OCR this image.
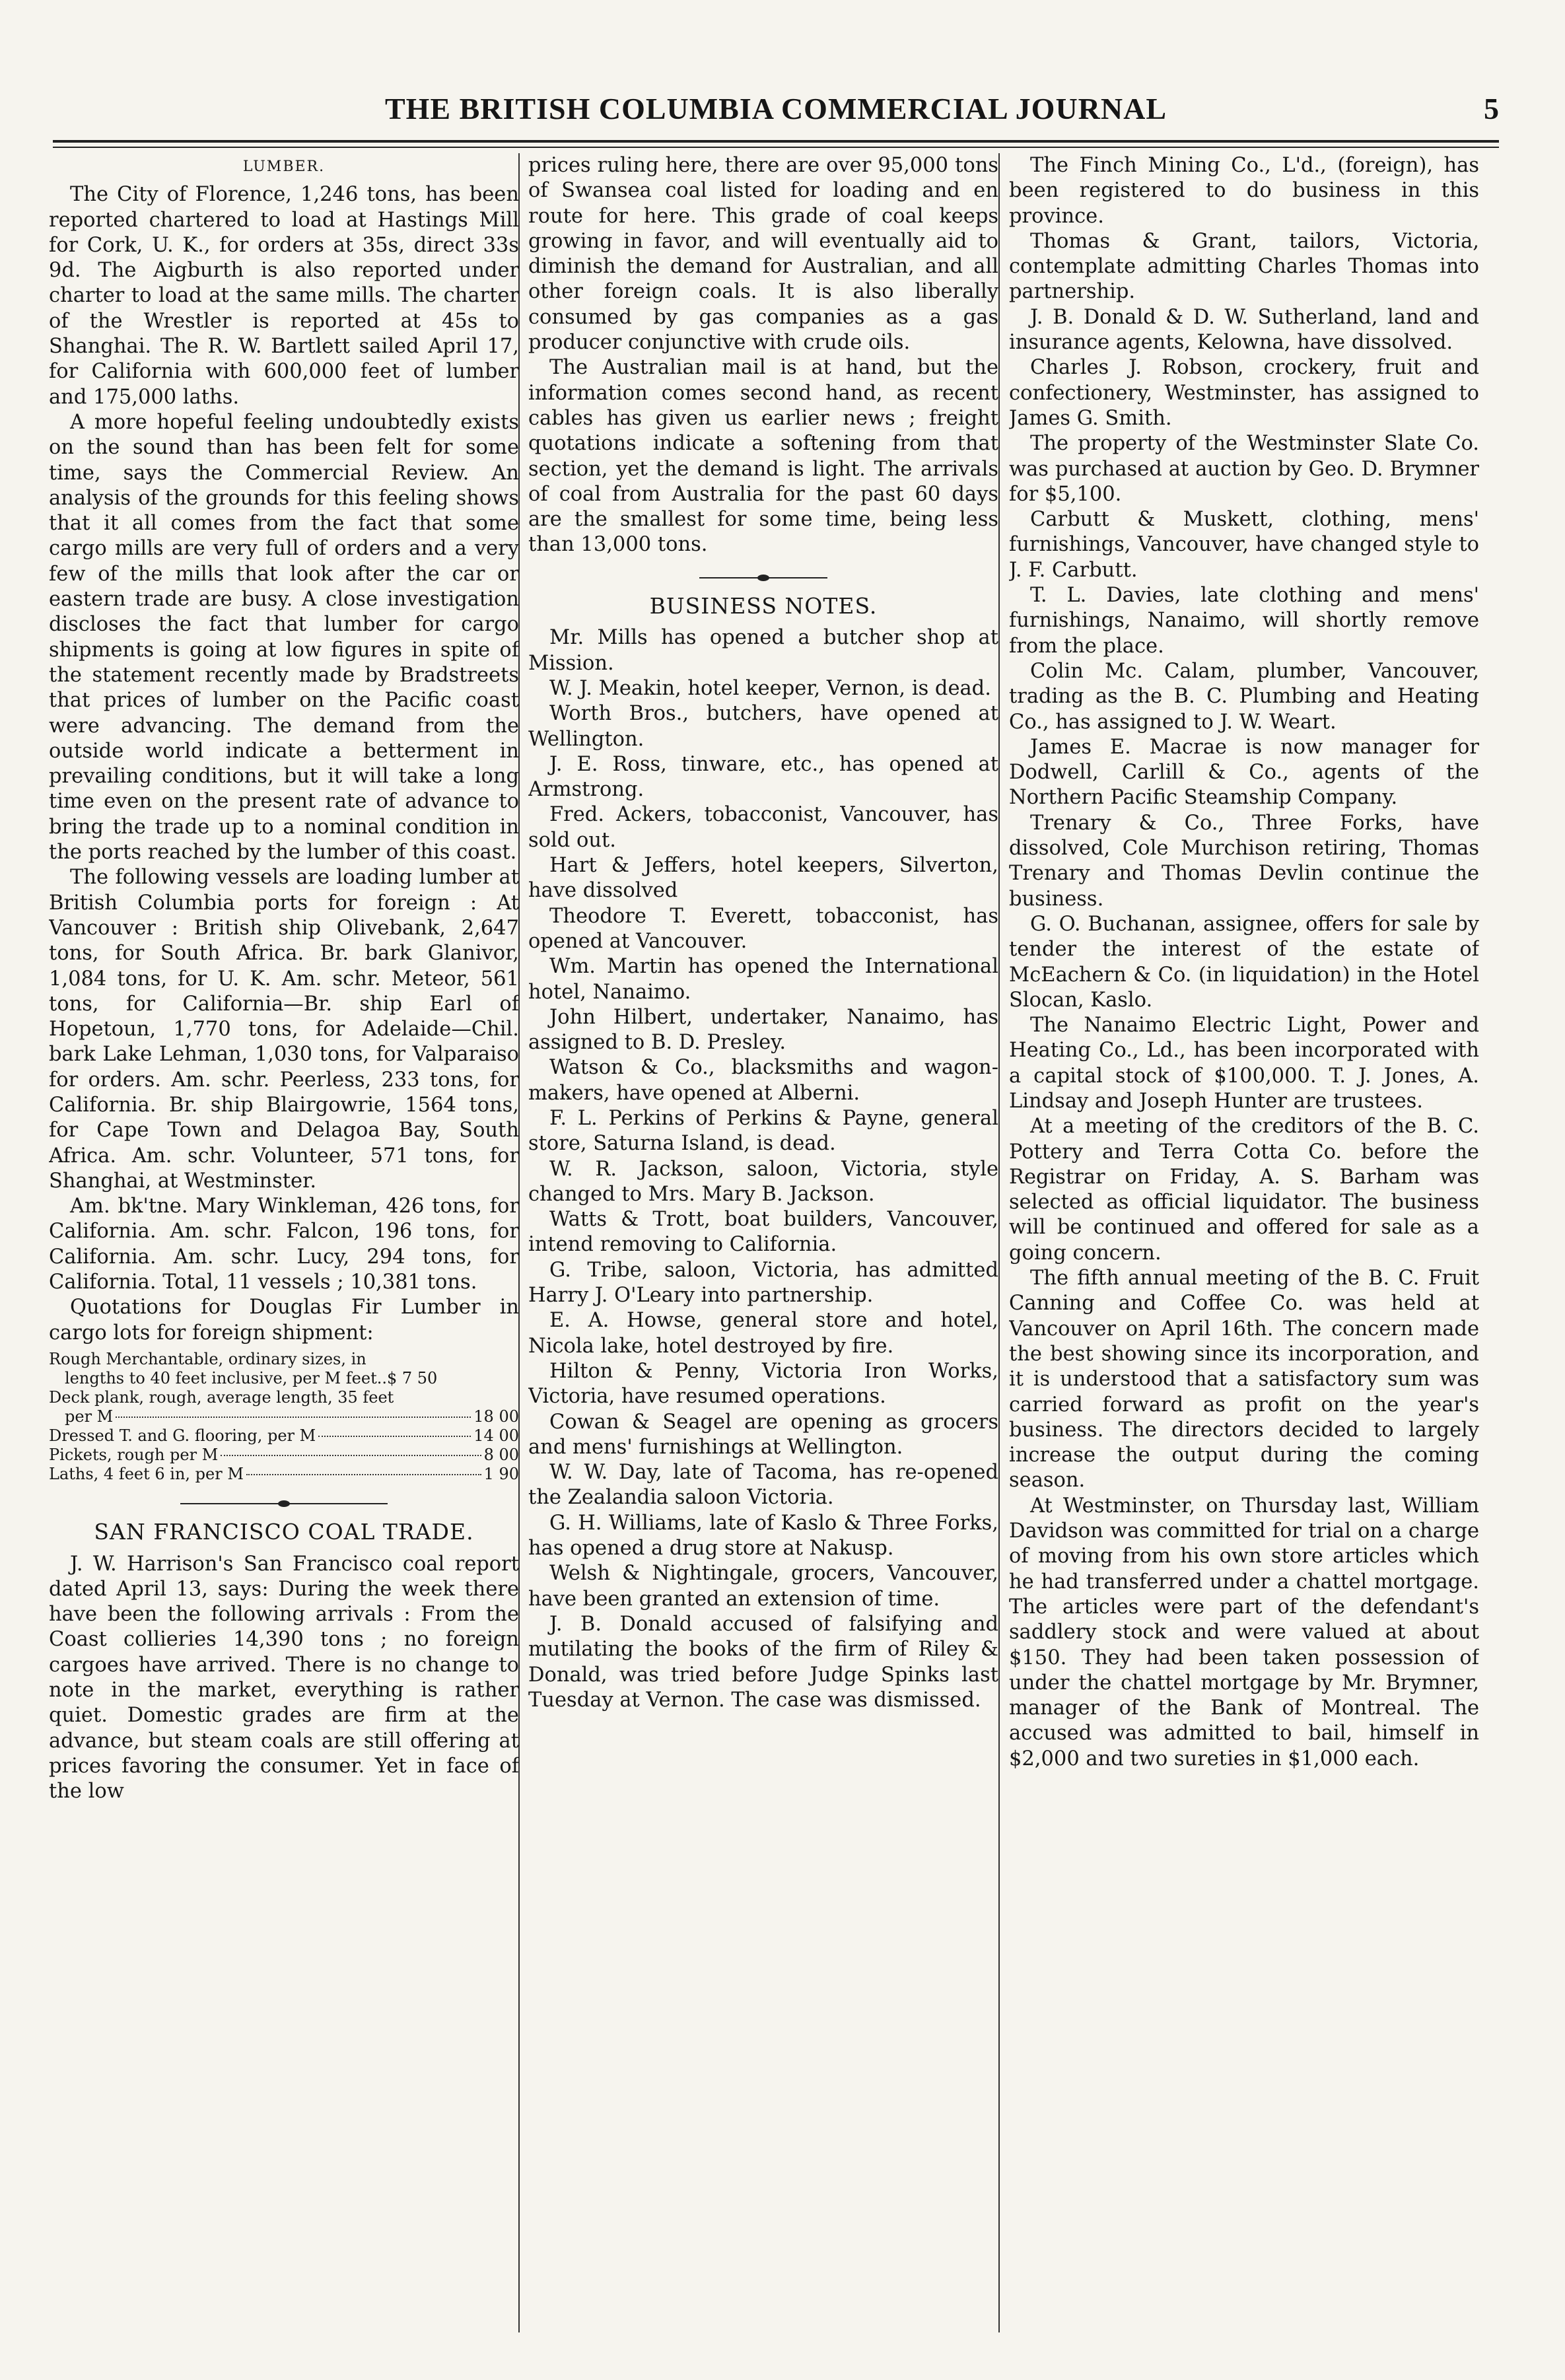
THE BRITISH COLUMBIA COMMERCIAL JOURNAL	5
LUMBER.

The City of Florence, 1,246 tons, has been reported chartered to load at Hastings Mill for Cork, U. K., for orders at 35s, direct 33s 9d. The Aigburth is also reported under charter to load at the same mills. The charter of the Wrestler is reported at 45s to Shanghai. The R. W. Bartlett sailed April 17, for California with 600,000 feet of lumber and 175,000 laths.

A more hopeful feeling undoubtedly exists on the sound than has been felt for some time, says the Commercial Review. An analysis of the grounds for this feeling shows that it all comes from the fact that some cargo mills are very full of orders and a very few of the mills that look after the car or eastern trade are busy. A close investigation discloses the fact that lumber for cargo shipments is going at low figures in spite of the statement recently made by Bradstreets that prices of lumber on the Pacific coast were advancing. The demand from the outside world indicate a betterment in prevailing conditions, but it will take a long time even on the present rate of advance to bring the trade up to a nominal condition in the ports reached by the lumber of this coast.

The following vessels are loading lumber at British Columbia ports for foreign : At Vancouver : British ship Olivebank, 2,647 tons, for South Africa. Br. bark Glanivor, 1,084 tons, for U. K. Am. schr. Meteor, 561 tons, for California—Br. ship Earl of Hopetoun, 1,770 tons, for Adelaide—Chil. bark Lake Lehman, 1,030 tons, for Valparaiso for orders. Am. schr. Peerless, 233 tons, for California. Br. ship Blairgowrie, 1564 tons, for Cape Town and Delagoa Bay, South Africa. Am. schr. Volunteer, 571 tons, for Shanghai, at Westminster.

Am. bk'tne. Mary Winkleman, 426 tons, for California. Am. schr. Falcon, 196 tons, for California. Am. schr. Lucy, 294 tons, for California. Total, 11 vessels ; 10,381 tons.

Quotations for Douglas Fir Lumber in cargo lots for foreign shipment:

Rough Merchantable, ordinary sizes, in
lengths to 40 feet inclusive, per M feet.. $ 7 50
Deck plank, rough, average length, 35 feet
per M	18 00
Dressed T. and G. flooring, per M	14 00
Pickets, rough per M	8 00
Laths, 4 feet 6 in, per M	1 90
SAN FRANCISCO COAL TRADE.

J. W. Harrison's San Francisco coal report dated April 13, says: During the week there have been the following arrivals : From the Coast collieries 14,390 tons ; no foreign cargoes have arrived. There is no change to note in the market, everything is rather quiet. Domestic grades are firm at the advance, but steam coals are still offering at prices favoring the consumer. Yet in face of the low

prices ruling here, there are over 95,000 tons of Swansea coal listed for loading and en route for here. This grade of coal keeps growing in favor, and will eventually aid to diminish the demand for Australian, and all other foreign coals. It is also liberally consumed by gas companies as a gas producer conjunctive with crude oils.

The Australian mail is at hand, but the information comes second hand, as recent cables has given us earlier news ; freight quotations indicate a softening from that section, yet the demand is light. The arrivals of coal from Australia for the past 60 days are the smallest for some time, being less than 13,000 tons.

BUSINESS NOTES.

Mr. Mills has opened a butcher shop at Mission.

W. J. Meakin, hotel keeper, Vernon, is dead.

Worth Bros., butchers, have opened at Wellington.

J. E. Ross, tinware, etc., has opened at Armstrong.

Fred. Ackers, tobacconist, Vancouver, has sold out.

Hart & Jeffers, hotel keepers, Silverton, have dissolved

Theodore T. Everett, tobacconist, has opened at Vancouver.

Wm. Martin has opened the International hotel, Nanaimo.

John Hilbert, undertaker, Nanaimo, has assigned to B. D. Presley.

Watson & Co., blacksmiths and wagon-makers, have opened at Alberni.

F. L. Perkins of Perkins & Payne, general store, Saturna Island, is dead.

W. R. Jackson, saloon, Victoria, style changed to Mrs. Mary B. Jackson.

Watts & Trott, boat builders, Vancouver, intend removing to California.

G. Tribe, saloon, Victoria, has admitted Harry J. O'Leary into partnership.

E. A. Howse, general store and hotel, Nicola lake, hotel destroyed by fire.

Hilton & Penny, Victoria Iron Works, Victoria, have resumed operations.

Cowan & Seagel are opening as grocers and mens' furnishings at Wellington.

W. W. Day, late of Tacoma, has re-opened the Zealandia saloon Victoria.

G. H. Williams, late of Kaslo & Three Forks, has opened a drug store at Nakusp.

Welsh & Nightingale, grocers, Vancouver, have been granted an extension of time.

J. B. Donald accused of falsifying and mutilating the books of the firm of Riley & Donald, was tried before Judge Spinks last Tuesday at Vernon. The case was dismissed.

The Finch Mining Co., L'd., (foreign), has been registered to do business in this province.

Thomas & Grant, tailors, Victoria, contemplate admitting Charles Thomas into partnership.

J. B. Donald & D. W. Sutherland, land and insurance agents, Kelowna, have dissolved.

Charles J. Robson, crockery, fruit and confectionery, Westminster, has assigned to James G. Smith.

The property of the Westminster Slate Co. was purchased at auction by Geo. D. Brymner for $5,100.

Carbutt & Muskett, clothing, mens' furnishings, Vancouver, have changed style to J. F. Carbutt.

T. L. Davies, late clothing and mens' furnishings, Nanaimo, will shortly remove from the place.

Colin Mc. Calam, plumber, Vancouver, trading as the B. C. Plumbing and Heating Co., has assigned to J. W. Weart.

James E. Macrae is now manager for Dodwell, Carlill & Co., agents of the Northern Pacific Steamship Company.

Trenary & Co., Three Forks, have dissolved, Cole Murchison retiring, Thomas Trenary and Thomas Devlin continue the business.

G. O. Buchanan, assignee, offers for sale by tender the interest of the estate of McEachern & Co. (in liquidation) in the Hotel Slocan, Kaslo.

The Nanaimo Electric Light, Power and Heating Co., Ld., has been incorporated with a capital stock of $100,000. T. J. Jones, A. Lindsay and Joseph Hunter are trustees.

At a meeting of the creditors of the B. C. Pottery and Terra Cotta Co. before the Registrar on Friday, A. S. Barham was selected as official liquidator. The business will be continued and offered for sale as a going concern.

The fifth annual meeting of the B. C. Fruit Canning and Coffee Co. was held at Vancouver on April 16th. The concern made the best showing since its incorporation, and it is understood that a satisfactory sum was carried forward as profit on the year's business. The directors decided to largely increase the output during the coming season.

At Westminster, on Thursday last, William Davidson was committed for trial on a charge of moving from his own store articles which he had transferred under a chattel mortgage. The articles were part of the defendant's saddlery stock and were valued at about $150. They had been taken possession of under the chattel mortgage by Mr. Brymner, manager of the Bank of Montreal. The accused was admitted to bail, himself in $2,000 and two sureties in $1,000 each.
